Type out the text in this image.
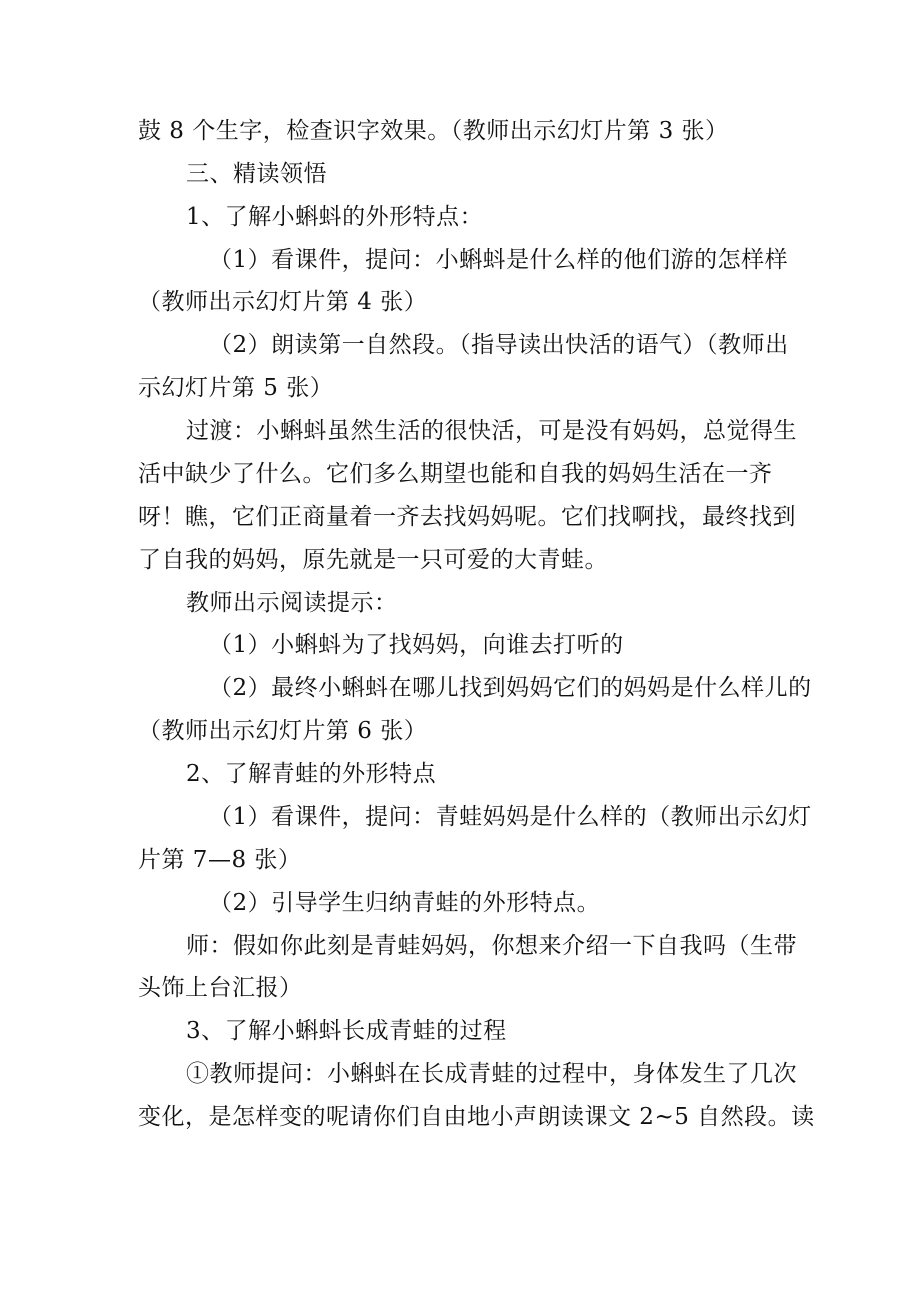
鼓 8 个生字，检查识字效果。（教师出示幻灯片第 3 张）
三、精读领悟
1、了解小蝌蚪的外形特点：
（1）看课件，提问：小蝌蚪是什么样的他们游的怎样样
（教师出示幻灯片第 4 张）
（2）朗读第一自然段。（指导读出快活的语气）（教师出
示幻灯片第 5 张）
过渡：小蝌蚪虽然生活的很快活，可是没有妈妈，总觉得生
活中缺少了什么。它们多么期望也能和自我的妈妈生活在一齐
呀！瞧，它们正商量着一齐去找妈妈呢。它们找啊找，最终找到
了自我的妈妈，原先就是一只可爱的大青蛙。
教师出示阅读提示：
（1）小蝌蚪为了找妈妈，向谁去打听的
（2）最终小蝌蚪在哪儿找到妈妈它们的妈妈是什么样儿的
（教师出示幻灯片第 6 张）
2、了解青蛙的外形特点
（1）看课件，提问：青蛙妈妈是什么样的（教师出示幻灯
片第 7—8 张）
（2）引导学生归纳青蛙的外形特点。
师：假如你此刻是青蛙妈妈，你想来介绍一下自我吗（生带
头饰上台汇报）
3、了解小蝌蚪长成青蛙的过程
①教师提问：小蝌蚪在长成青蛙的过程中，身体发生了几次
变化，是怎样变的呢请你们自由地小声朗读课文 2~5 自然段。读
